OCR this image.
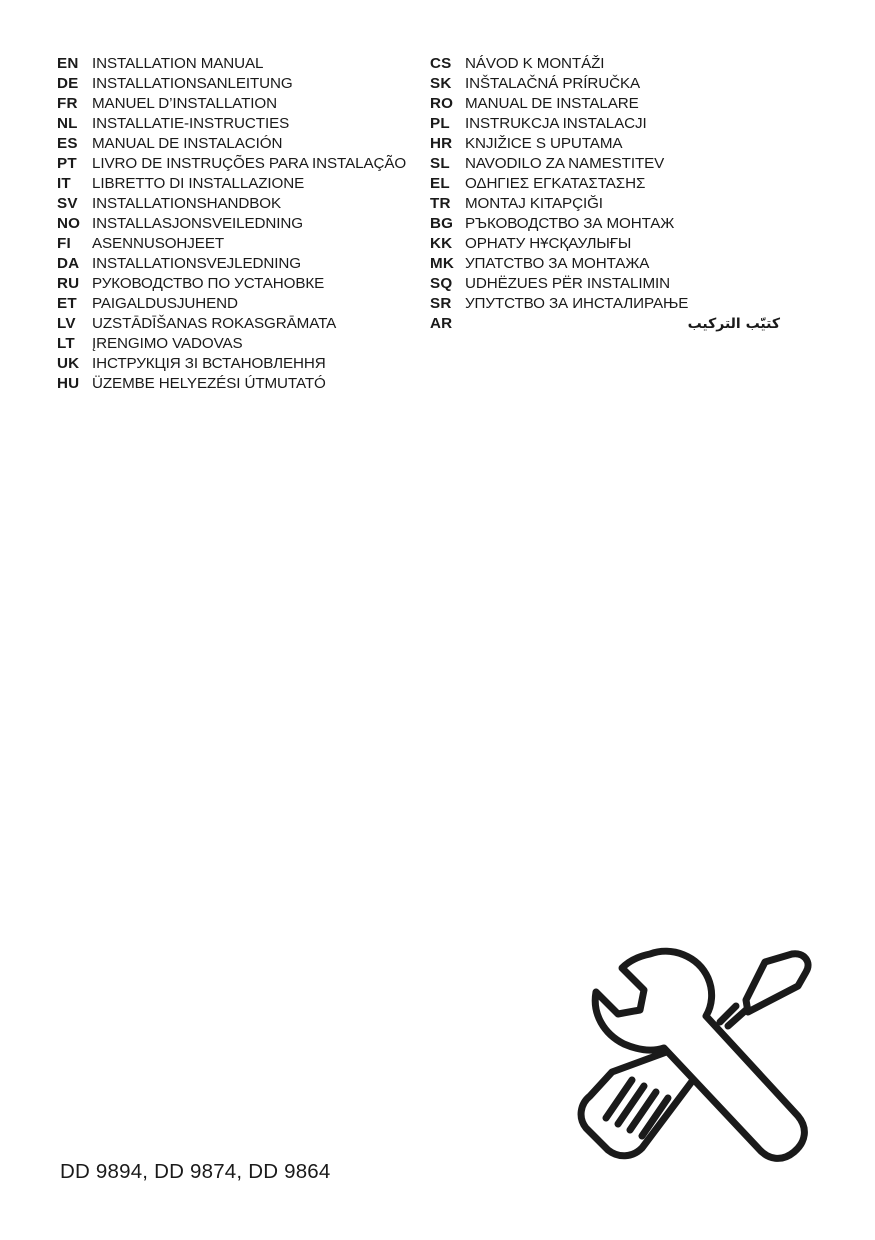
EN INSTALLATION MANUAL
DE INSTALLATIONSANLEITUNG
FR MANUEL D’INSTALLATION
NL INSTALLATIE-INSTRUCTIES
ES MANUAL DE INSTALACIÓN
PT LIVRO DE INSTRUÇÕES PARA INSTALAÇÃO
IT	LIBRETTO DI INSTALLAZIONE
SV INSTALLATIONSHANDBOK
NO INSTALLASJONSVEILEDNING
FI	ASENNUSOHJEET
DA INSTALLATIONSVEJLEDNING
RU РУКОВОДСТВО ПО УСТАНОВКЕ
ET PAIGALDUSJUHEND
LV	UZSTĀDĪŠANAS ROKASGRĀMATA
LT	ĮRENGIMO VADOVAS
UK ІНСТРУКЦІЯ ЗІ ВСТАНОВЛЕННЯ
HU ÜZEMBE HELYEZÉSI ÚTMUTATÓ
CS NÁVOD K MONTÁŽI
SK INŠTALAČNÁ PRÍRUČKA
RO MANUAL DE INSTALARE
PL INSTRUKCJA INSTALACJI
HR KNJIŽICE S UPUTAMA
SL NAVODILO ZA NAMESTITEV
EL ΟΔΗΓΙΕΣ ΕΓΚΑΤΑΣΤΑΣΗΣ
TR MONTAJ KITAPÇIĞI
BG РЪКОВОДСТВО ЗА МОНТАЖ
KK ОРНАТУ НҰСҚАУЛЫҒЫ
MK УПАТСТВО ЗА МОНТАЖА
SQ UDHËZUES PËR INSTALIMIN
SR УПУТСТВО ЗА ИНСТАЛИРАЊЕ
AR	كتيّب التركيب
DD 9894, DD 9874, DD 9864
